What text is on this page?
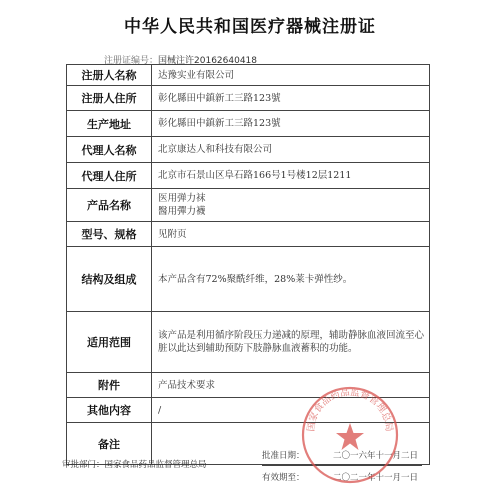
中华人民共和国医疗器械注册证
注册证编号：国械注许20162640418
注册人名称	达豫实业有限公司
注册人住所	彰化縣田中鎮新工三路123號
生产地址	彰化縣田中鎮新工三路123號
代理人名称	北京康达人和科技有限公司
代理人住所	北京市石景山区阜石路166号1号楼12层1211
产品名称	医用弹力袜
醫用彈力襪

型号、规格	见附页
结构及组成	本产品含有72%聚酰纤维，28%莱卡弹性纱。
适用范围	该产品是利用循序阶段压力递减的原理，辅助静脉血液回流至心脏以此达到辅助预防下肢静脉血液蓄积的功能。
附件	产品技术要求
其他内容	/
备注	
批准日期：	二〇一六年十一月二日
有效期至：	二〇二一年十一月一日
审批部门：国家食品药品监督管理总局
国家食品药品监督管理总局
